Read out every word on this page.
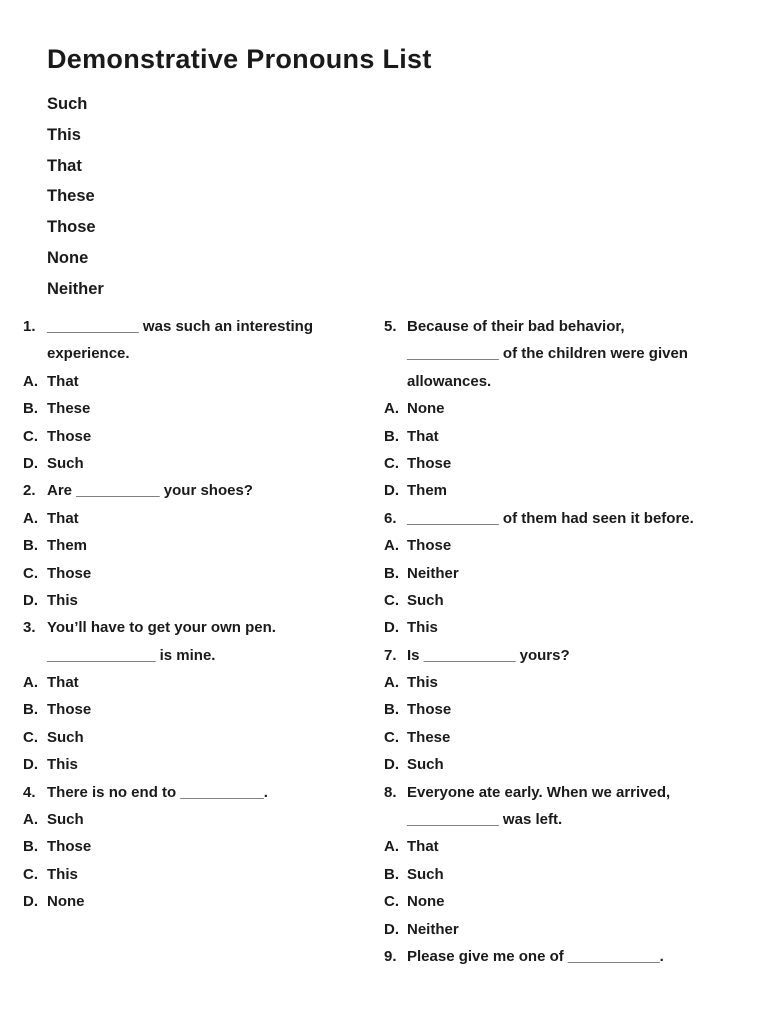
Demonstrative Pronouns List
Such
This
That
These
Those
None
Neither
1. ___________ was such an interesting
experience.
A. That
B. These
C. Those
D. Such
2. Are __________ your shoes?
A. That
B. Them
C. Those
D. This
3. You’ll have to get your own pen.
_____________ is mine.
A. That
B. Those
C. Such
D. This
4. There is no end to __________.
A. Such
B. Those
C. This
D. None
5. Because of their bad behavior,
___________ of the children were given
allowances.
A. None
B. That
C. Those
D. Them
6. ___________ of them had seen it before.
A. Those
B. Neither
C. Such
D. This
7. Is ___________ yours?
A. This
B. Those
C. These
D. Such
8. Everyone ate early. When we arrived,
___________ was left.
A. That
B. Such
C. None
D. Neither
9. Please give me one of ___________.
